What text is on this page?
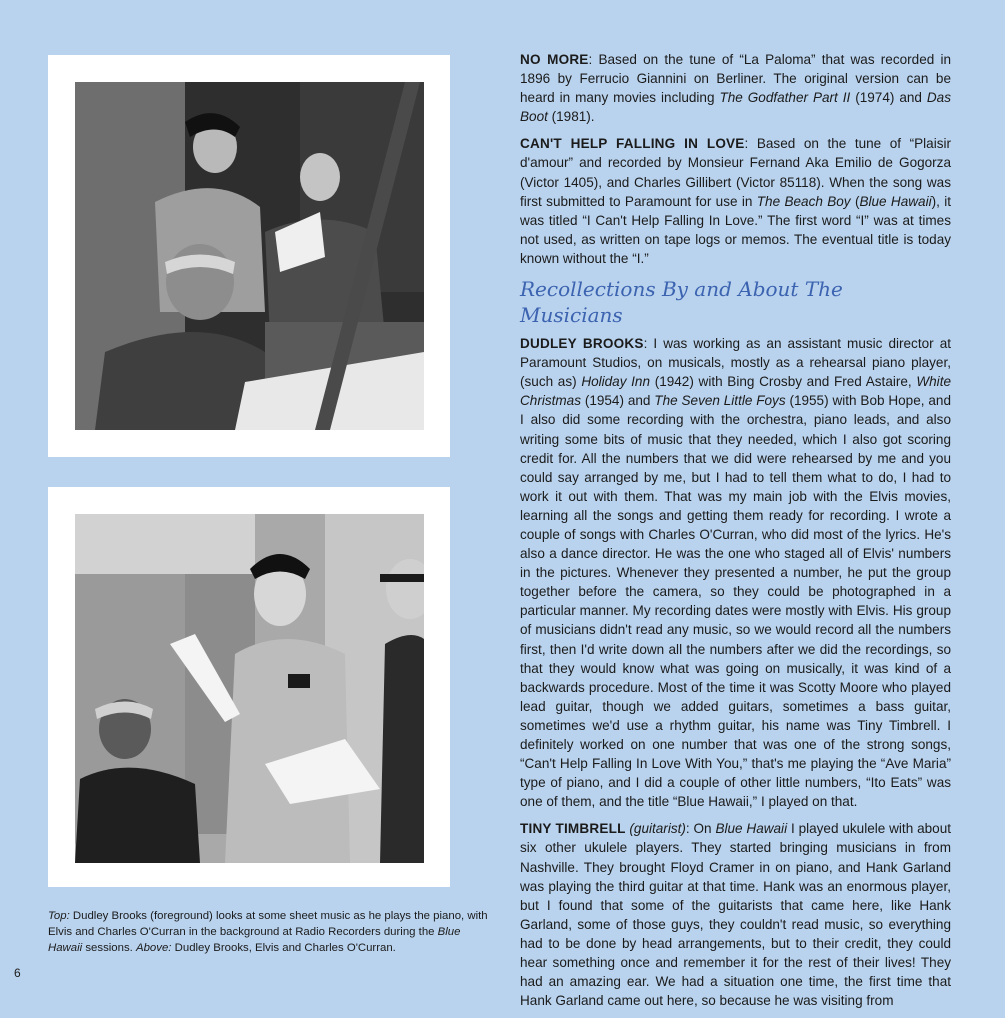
Top: Dudley Brooks (foreground) looks at some sheet music as he plays the piano, with Elvis and Charles O'Curran in the background at Radio Recorders during the Blue Hawaii sessions. Above: Dudley Brooks, Elvis and Charles O'Curran.
6

NO MORE: Based on the tune of “La Paloma” that was recorded in 1896 by Ferrucio Giannini on Berliner. The original version can be heard in many movies including The Godfather Part II (1974) and Das Boot (1981).

CAN'T HELP FALLING IN LOVE: Based on the tune of “Plaisir d'amour” and recorded by Monsieur Fernand Aka Emilio de Gogorza (Victor 1405), and Charles Gillibert (Victor 85118). When the song was first submitted to Paramount for use in The Beach Boy (Blue Hawaii), it was titled “I Can't Help Falling In Love.” The first word “I” was at times not used, as written on tape logs or memos. The eventual title is today known without the “I.”

Recollections By and About The Musicians

DUDLEY BROOKS: I was working as an assistant music director at Paramount Studios, on musicals, mostly as a rehearsal piano player, (such as) Holiday Inn (1942) with Bing Crosby and Fred Astaire, White Christmas (1954) and The Seven Little Foys (1955) with Bob Hope, and I also did some recording with the orchestra, piano leads, and also writing some bits of music that they needed, which I also got scoring credit for. All the numbers that we did were rehearsed by me and you could say arranged by me, but I had to tell them what to do, I had to work it out with them. That was my main job with the Elvis movies, learning all the songs and getting them ready for recording. I wrote a couple of songs with Charles O'Curran, who did most of the lyrics. He's also a dance director. He was the one who staged all of Elvis' numbers in the pictures. Whenever they presented a number, he put the group together before the camera, so they could be photographed in a particular manner. My recording dates were mostly with Elvis. His group of musicians didn't read any music, so we would record all the numbers first, then I'd write down all the numbers after we did the recordings, so that they would know what was going on musically, it was kind of a backwards procedure. Most of the time it was Scotty Moore who played lead guitar, though we added guitars, sometimes a bass guitar, sometimes we'd use a rhythm guitar, his name was Tiny Timbrell. I definitely worked on one number that was one of the strong songs, “Can't Help Falling In Love With You,” that's me playing the “Ave Maria” type of piano, and I did a couple of other little numbers, “Ito Eats” was one of them, and the title “Blue Hawaii,” I played on that.

TINY TIMBRELL (guitarist): On Blue Hawaii I played ukulele with about six other ukulele players. They started bringing musicians in from Nashville. They brought Floyd Cramer in on piano, and Hank Garland was playing the third guitar at that time. Hank was an enormous player, but I found that some of the guitarists that came here, like Hank Garland, some of those guys, they couldn't read music, so everything had to be done by head arrangements, but to their credit, they could hear something once and remember it for the rest of their lives! They had an amazing ear. We had a situation one time, the first time that Hank Garland came out here, so because he was visiting from
